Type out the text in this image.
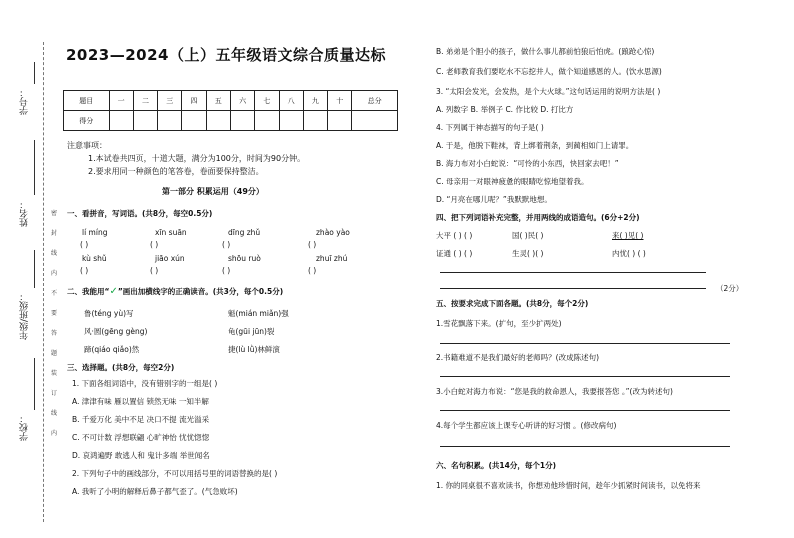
学号：
姓名：
年级/班级：
学校：
密
封
线
内
不
要
答
题
装
订
线
内
2023—2024（上）五年级语文综合质量达标
题目	一	二	三	四	五	六	七	八	九	十	总分
得分											
注意事项：
1.本试卷共四页，十道大题，满分为100分，时间为90分钟。
2.要求用同一种颜色的笔答卷，卷面要保持整洁。
第一部分 积累运用（49分）
一、看拼音，写词语。(共8分，每空0.5分)
lí míng	xīn suān	dīng zhǔ	zhào yào
( )	( )	( )	( )
kù shǔ	jiāo xún	shōu ruò	zhuī zhú
( )	( )	( )	( )
二、我能用“✓”画出加横线字的正确读音。(共3分，每个0.5分)
鲁(téng yù)写	魁(mián miǎn)强
风·圆(gēng gèng)	龟(gūi jūn)裂
蹄(qiáo qiǎo)然	捷(lù lǜ)林鲜演
三、选择题。(共8分，每空2分)
1. 下面各组词语中，没有错别字的一组是( )
A. 津津有味 雁以置信 锁然无味 一知半解
B. 千爱万化 美中不足 决口不提 流光溢采
C. 不可计数 浮想联翩 心旷神怡 忧忧惚惚
D. 哀鸿遍野 敢逃人和 鬼计多端 举世闻名
2. 下列句子中的画线部分，不可以用括号里的词语替换的是( )
A. 我听了小明的解释后鼻子都气歪了。(气急败坏)
B. 弟弟是个胆小的孩子，做什么事儿都前怕狼后怕虎。(踉跄心惊)
C. 老师教育我们要吃水不忘挖井人，做个知道感恩的人。(饮水思源)
3. “太阳会发光，会发热，是个大火球。”这句话运用的说明方法是( )
A. 列数字 B. 举例子 C. 作比较 D. 打比方
4. 下列属于神态描写的句子是( )
A. 于是，他脱下鞋袜，背上绑着荆条，到蔺相如门上请罪。
B. 海力布对小白蛇说：“可怜的小东西，快回家去吧！”
C. 母亲用一对眼神疲惫的眼睛吃惊地望着我。
D. “月亮在哪儿呢？”我默默地想。
四、把下列词语补充完整，并用两线的成语造句。(6分+2分)
大平 ( ) ( )	国( )民( )	来( )见( )
证通 ( ) ( )	生灵( )( )	内忧( ) ( )
（2分）
五、按要求完成下面各题。(共8分，每个2分)
1.雪花飘落下来。(扩句，至少扩两处)
2.书籍难道不是我们最好的老师吗？(改成陈述句)
3.小白蛇对海力布说：“您是我的救命恩人，我要报答您 。”(改为转述句)
4.每个学生都应该上课专心听讲的好习惯 。(修改病句)
六、名句积累。(共14分，每个1分)
1. 你的同桌很不喜欢读书，你想劝他珍惜时间，趁年少抓紧时间读书，以免将来
